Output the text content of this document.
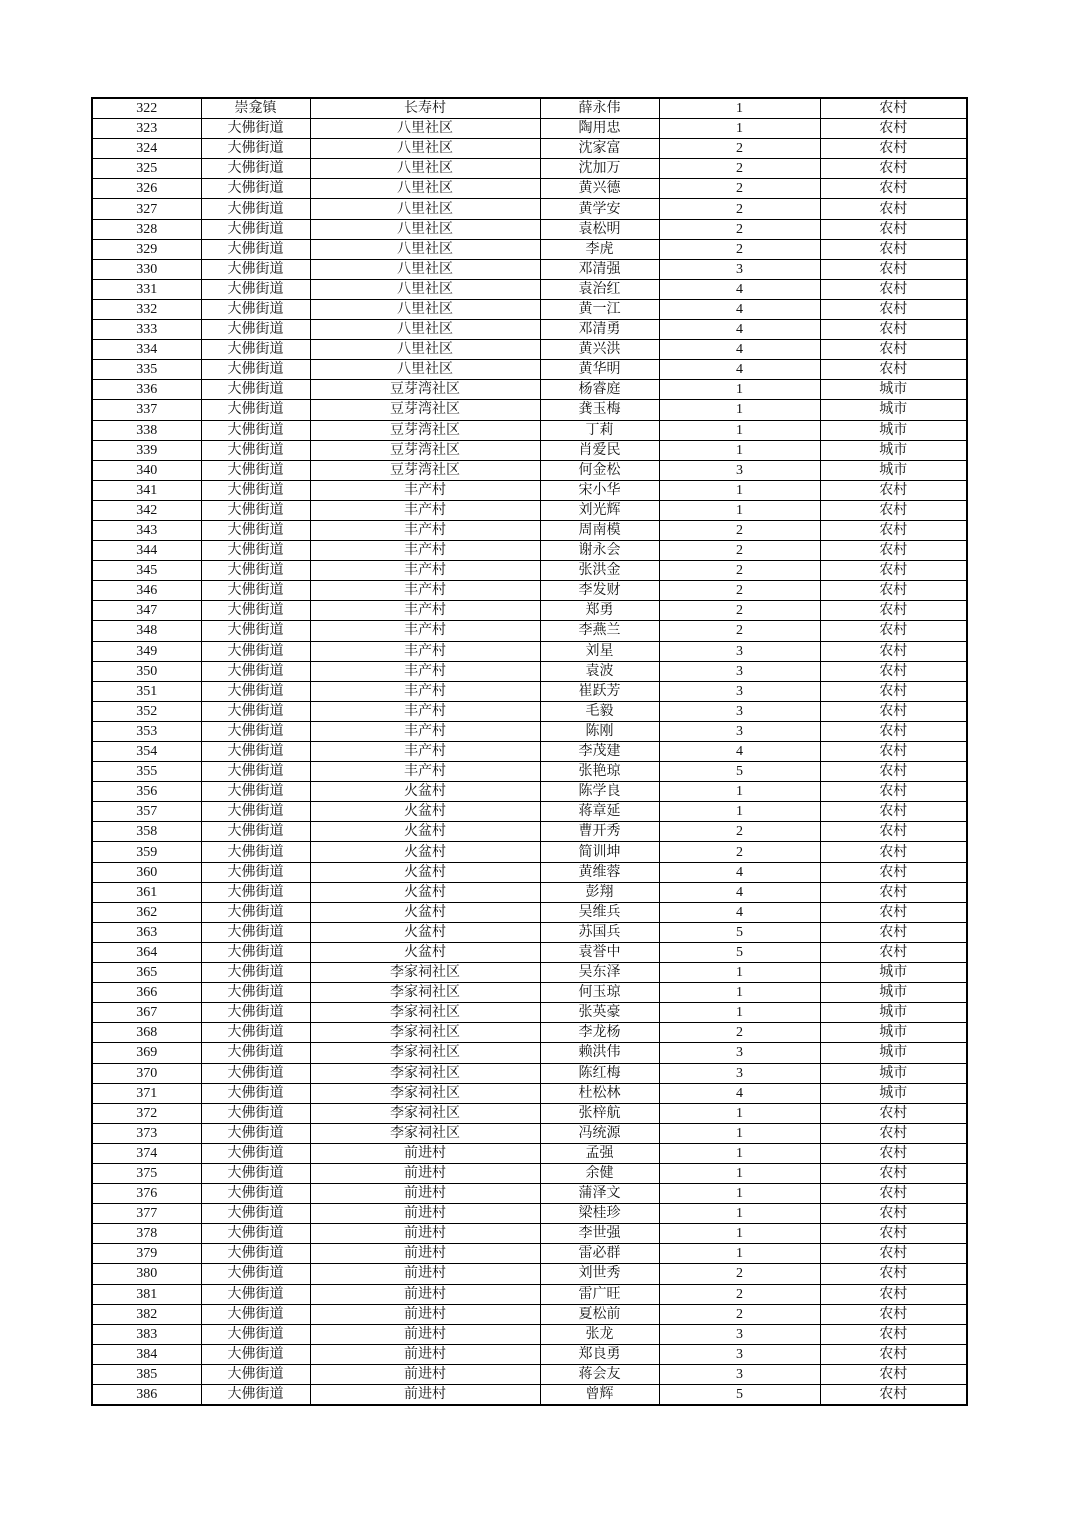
322	崇龛镇	长寿村	薛永伟	1	农村
323	大佛街道	八里社区	陶用忠	1	农村
324	大佛街道	八里社区	沈家富	2	农村
325	大佛街道	八里社区	沈加万	2	农村
326	大佛街道	八里社区	黄兴德	2	农村
327	大佛街道	八里社区	黄学安	2	农村
328	大佛街道	八里社区	袁松明	2	农村
329	大佛街道	八里社区	李虎	2	农村
330	大佛街道	八里社区	邓清强	3	农村
331	大佛街道	八里社区	袁治红	4	农村
332	大佛街道	八里社区	黄一江	4	农村
333	大佛街道	八里社区	邓清勇	4	农村
334	大佛街道	八里社区	黄兴洪	4	农村
335	大佛街道	八里社区	黄华明	4	农村
336	大佛街道	豆芽湾社区	杨睿庭	1	城市
337	大佛街道	豆芽湾社区	龚玉梅	1	城市
338	大佛街道	豆芽湾社区	丁莉	1	城市
339	大佛街道	豆芽湾社区	肖爱民	1	城市
340	大佛街道	豆芽湾社区	何金松	3	城市
341	大佛街道	丰产村	宋小华	1	农村
342	大佛街道	丰产村	刘光辉	1	农村
343	大佛街道	丰产村	周南模	2	农村
344	大佛街道	丰产村	谢永会	2	农村
345	大佛街道	丰产村	张洪金	2	农村
346	大佛街道	丰产村	李发财	2	农村
347	大佛街道	丰产村	郑勇	2	农村
348	大佛街道	丰产村	李燕兰	2	农村
349	大佛街道	丰产村	刘星	3	农村
350	大佛街道	丰产村	袁波	3	农村
351	大佛街道	丰产村	崔跃芳	3	农村
352	大佛街道	丰产村	毛毅	3	农村
353	大佛街道	丰产村	陈刚	3	农村
354	大佛街道	丰产村	李茂建	4	农村
355	大佛街道	丰产村	张艳琼	5	农村
356	大佛街道	火盆村	陈学良	1	农村
357	大佛街道	火盆村	蒋章延	1	农村
358	大佛街道	火盆村	曹开秀	2	农村
359	大佛街道	火盆村	简训坤	2	农村
360	大佛街道	火盆村	黄维蓉	4	农村
361	大佛街道	火盆村	彭翔	4	农村
362	大佛街道	火盆村	吴维兵	4	农村
363	大佛街道	火盆村	苏国兵	5	农村
364	大佛街道	火盆村	袁誉中	5	农村
365	大佛街道	李家祠社区	吴东泽	1	城市
366	大佛街道	李家祠社区	何玉琼	1	城市
367	大佛街道	李家祠社区	张英豪	1	城市
368	大佛街道	李家祠社区	李龙杨	2	城市
369	大佛街道	李家祠社区	赖洪伟	3	城市
370	大佛街道	李家祠社区	陈红梅	3	城市
371	大佛街道	李家祠社区	杜松林	4	城市
372	大佛街道	李家祠社区	张梓航	1	农村
373	大佛街道	李家祠社区	冯统源	1	农村
374	大佛街道	前进村	孟强	1	农村
375	大佛街道	前进村	余健	1	农村
376	大佛街道	前进村	蒲泽文	1	农村
377	大佛街道	前进村	梁桂珍	1	农村
378	大佛街道	前进村	李世强	1	农村
379	大佛街道	前进村	雷必群	1	农村
380	大佛街道	前进村	刘世秀	2	农村
381	大佛街道	前进村	雷广旺	2	农村
382	大佛街道	前进村	夏松前	2	农村
383	大佛街道	前进村	张龙	3	农村
384	大佛街道	前进村	郑良勇	3	农村
385	大佛街道	前进村	蒋会友	3	农村
386	大佛街道	前进村	曾辉	5	农村
